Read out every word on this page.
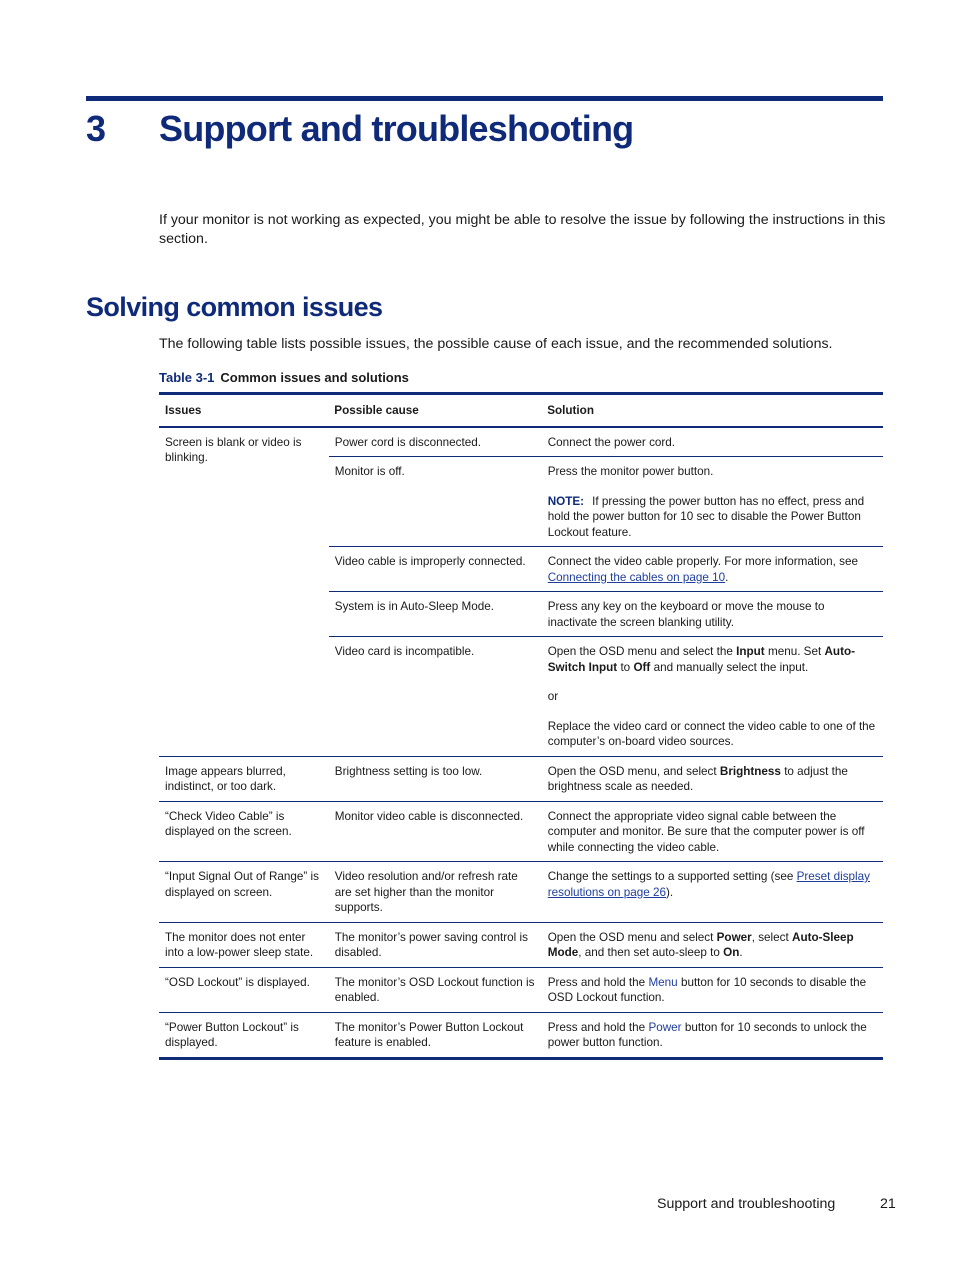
3 Support and troubleshooting
If your monitor is not working as expected, you might be able to resolve the issue by following the instructions in this section.
Solving common issues
The following table lists possible issues, the possible cause of each issue, and the recommended solutions.
Table 3-1 Common issues and solutions
Issues	Possible cause	Solution
Screen is blank or video is blinking.	Power cord is disconnected.	Connect the power cord.

	Monitor is off.	Press the monitor power button.

NOTE: If pressing the power button has no effect, press and hold the power button for 10 sec to disable the Power Button Lockout feature.

	Video cable is improperly connected.	Connect the video cable properly. For more information, see Connecting the cables on page 10.

	System is in Auto-Sleep Mode.	Press any key on the keyboard or move the mouse to inactivate the screen blanking utility.

	Video card is incompatible.	Open the OSD menu and select the Input menu. Set Auto-Switch Input to Off and manually select the input.

or

Replace the video card or connect the video cable to one of the computer’s on-board video sources.

Image appears blurred, indistinct, or too dark.	Brightness setting is too low.	Open the OSD menu, and select Brightness to adjust the brightness scale as needed.

“Check Video Cable” is displayed on the screen.	Monitor video cable is disconnected.	Connect the appropriate video signal cable between the computer and monitor. Be sure that the computer power is off while connecting the video cable.

“Input Signal Out of Range” is displayed on screen.	Video resolution and/or refresh rate are set higher than the monitor supports.	Change the settings to a supported setting (see Preset display resolutions on page 26).

The monitor does not enter into a low-power sleep state.	The monitor’s power saving control is disabled.	Open the OSD menu and select Power, select Auto-Sleep Mode, and then set auto-sleep to On.

“OSD Lockout” is displayed.	The monitor’s OSD Lockout function is enabled.	Press and hold the Menu button for 10 seconds to disable the OSD Lockout function.

“Power Button Lockout” is displayed.	The monitor’s Power Button Lockout feature is enabled.	Press and hold the Power button for 10 seconds to unlock the power button function.

Support and troubleshooting	21
